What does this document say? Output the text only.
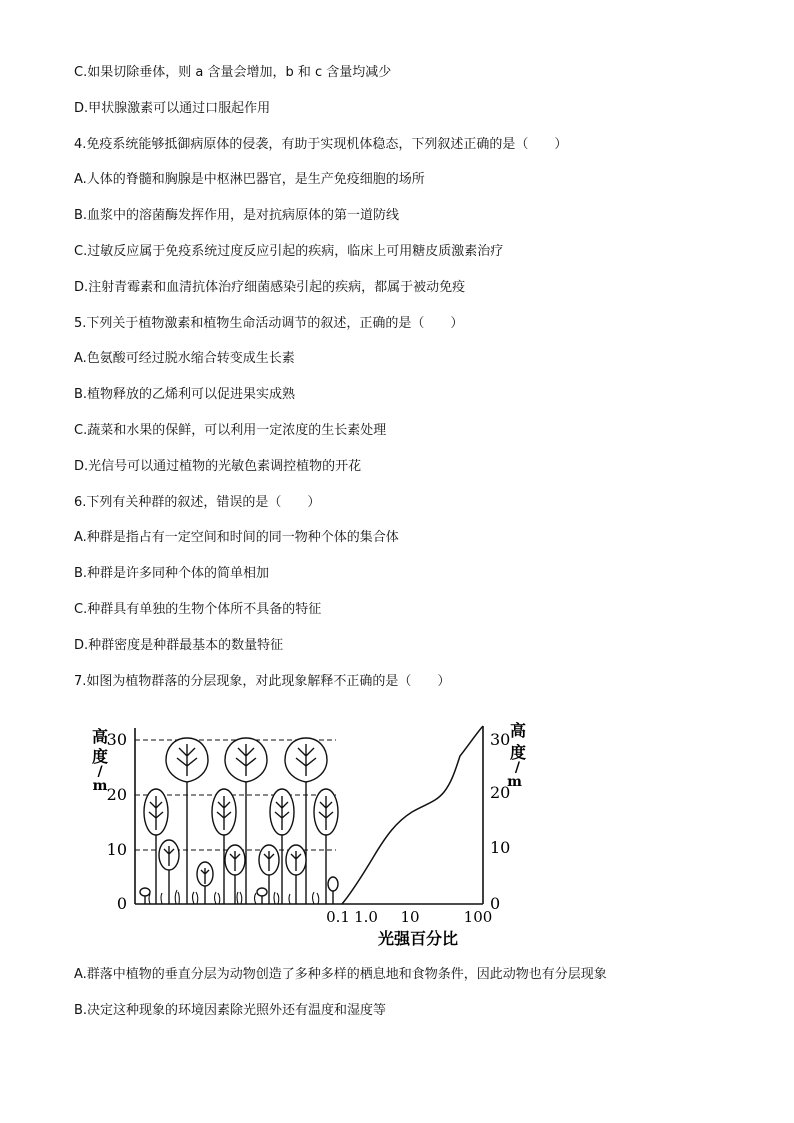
C.如果切除垂体，则 a 含量会增加，b 和 c 含量均减少
D.甲状腺激素可以通过口服起作用
4.免疫系统能够抵御病原体的侵袭，有助于实现机体稳态，下列叙述正确的是（　　）
A.人体的脊髓和胸腺是中枢淋巴器官，是生产免疫细胞的场所
B.血浆中的溶菌酶发挥作用，是对抗病原体的第一道防线
C.过敏反应属于免疫系统过度反应引起的疾病，临床上可用糖皮质激素治疗
D.注射青霉素和血清抗体治疗细菌感染引起的疾病，都属于被动免疫
5.下列关于植物激素和植物生命活动调节的叙述，正确的是（　　）
A.色氨酸可经过脱水缩合转变成生长素
B.植物释放的乙烯利可以促进果实成熟
C.蔬菜和水果的保鲜，可以利用一定浓度的生长素处理
D.光信号可以通过植物的光敏色素调控植物的开花
6.下列有关种群的叙述，错误的是（　　）
A.种群是指占有一定空间和时间的同一物种个体的集合体
B.种群是许多同种个体的简单相加
C.种群具有单独的生物个体所不具备的特征
D.种群密度是种群最基本的数量特征
7.如图为植物群落的分层现象，对此现象解释不正确的是（　　）
高
度
/
m
0
10
20
30
0
10
20
30 高
度
/
m
0.1 1.0 10	100
光强百分比
A.群落中植物的垂直分层为动物创造了多种多样的栖息地和食物条件，因此动物也有分层现象
B.决定这种现象的环境因素除光照外还有温度和湿度等
